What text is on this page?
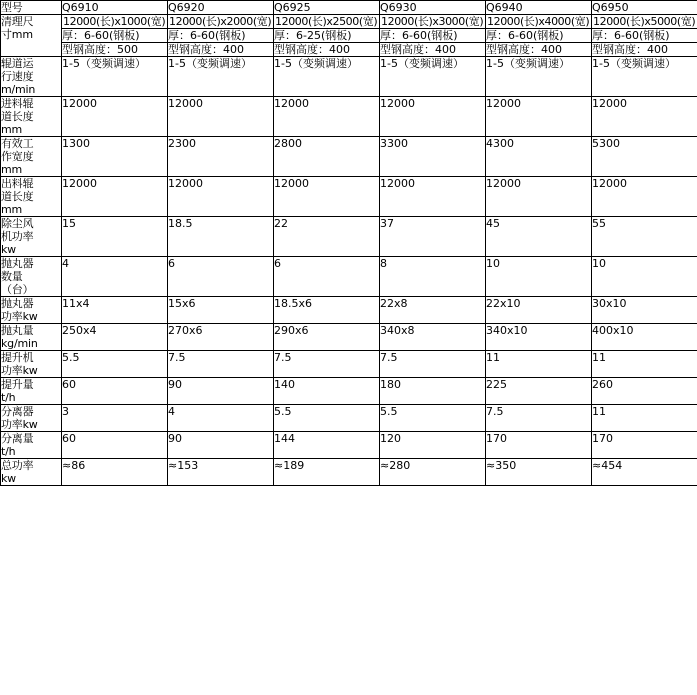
型号	Q6910	Q6920	Q6925	Q6930	Q6940	Q6950

清理尺
寸mm	12000(长)x1000(宽)	12000(长)x2000(宽)	12000(长)x2500(宽)	12000(长)x3000(宽)	12000(长)x4000(宽)	12000(长)x5000(宽)
	厚：6-60(钢板)	厚：6-60(钢板)	厚：6-25(钢板)	厚：6-60(钢板)	厚：6-60(钢板)	厚：6-60(钢板)
	型钢高度：500	型钢高度：400	型钢高度：400	型钢高度：400	型钢高度：400	型钢高度：400

辊道运
行速度
m/min	1-5（变频调速）	1-5（变频调速）	1-5（变频调速）	1-5（变频调速）	1-5（变频调速）	1-5（变频调速）

进料辊
道长度
mm	12000	12000	12000	12000	12000	12000

有效工
作宽度
mm	1300	2300	2800	3300	4300	5300

出料辊
道长度
mm	12000	12000	12000	12000	12000	12000

除尘风
机功率
kw	15	18.5	22	37	45	55

抛丸器
数量
（台）	4	6	6	8	10	10

抛丸器
功率kw	11x4	15x6	18.5x6	22x8	22x10	30x10

抛丸量
kg/min	250x4	270x6	290x6	340x8	340x10	400x10

提升机
功率kw	5.5	7.5	7.5	7.5	11	11

提升量
t/h	60	90	140	180	225	260

分离器
功率kw	3	4	5.5	5.5	7.5	11

分离量
t/h	60	90	144	120	170	170

总功率
kw	≈86	≈153	≈189	≈280	≈350	≈454
